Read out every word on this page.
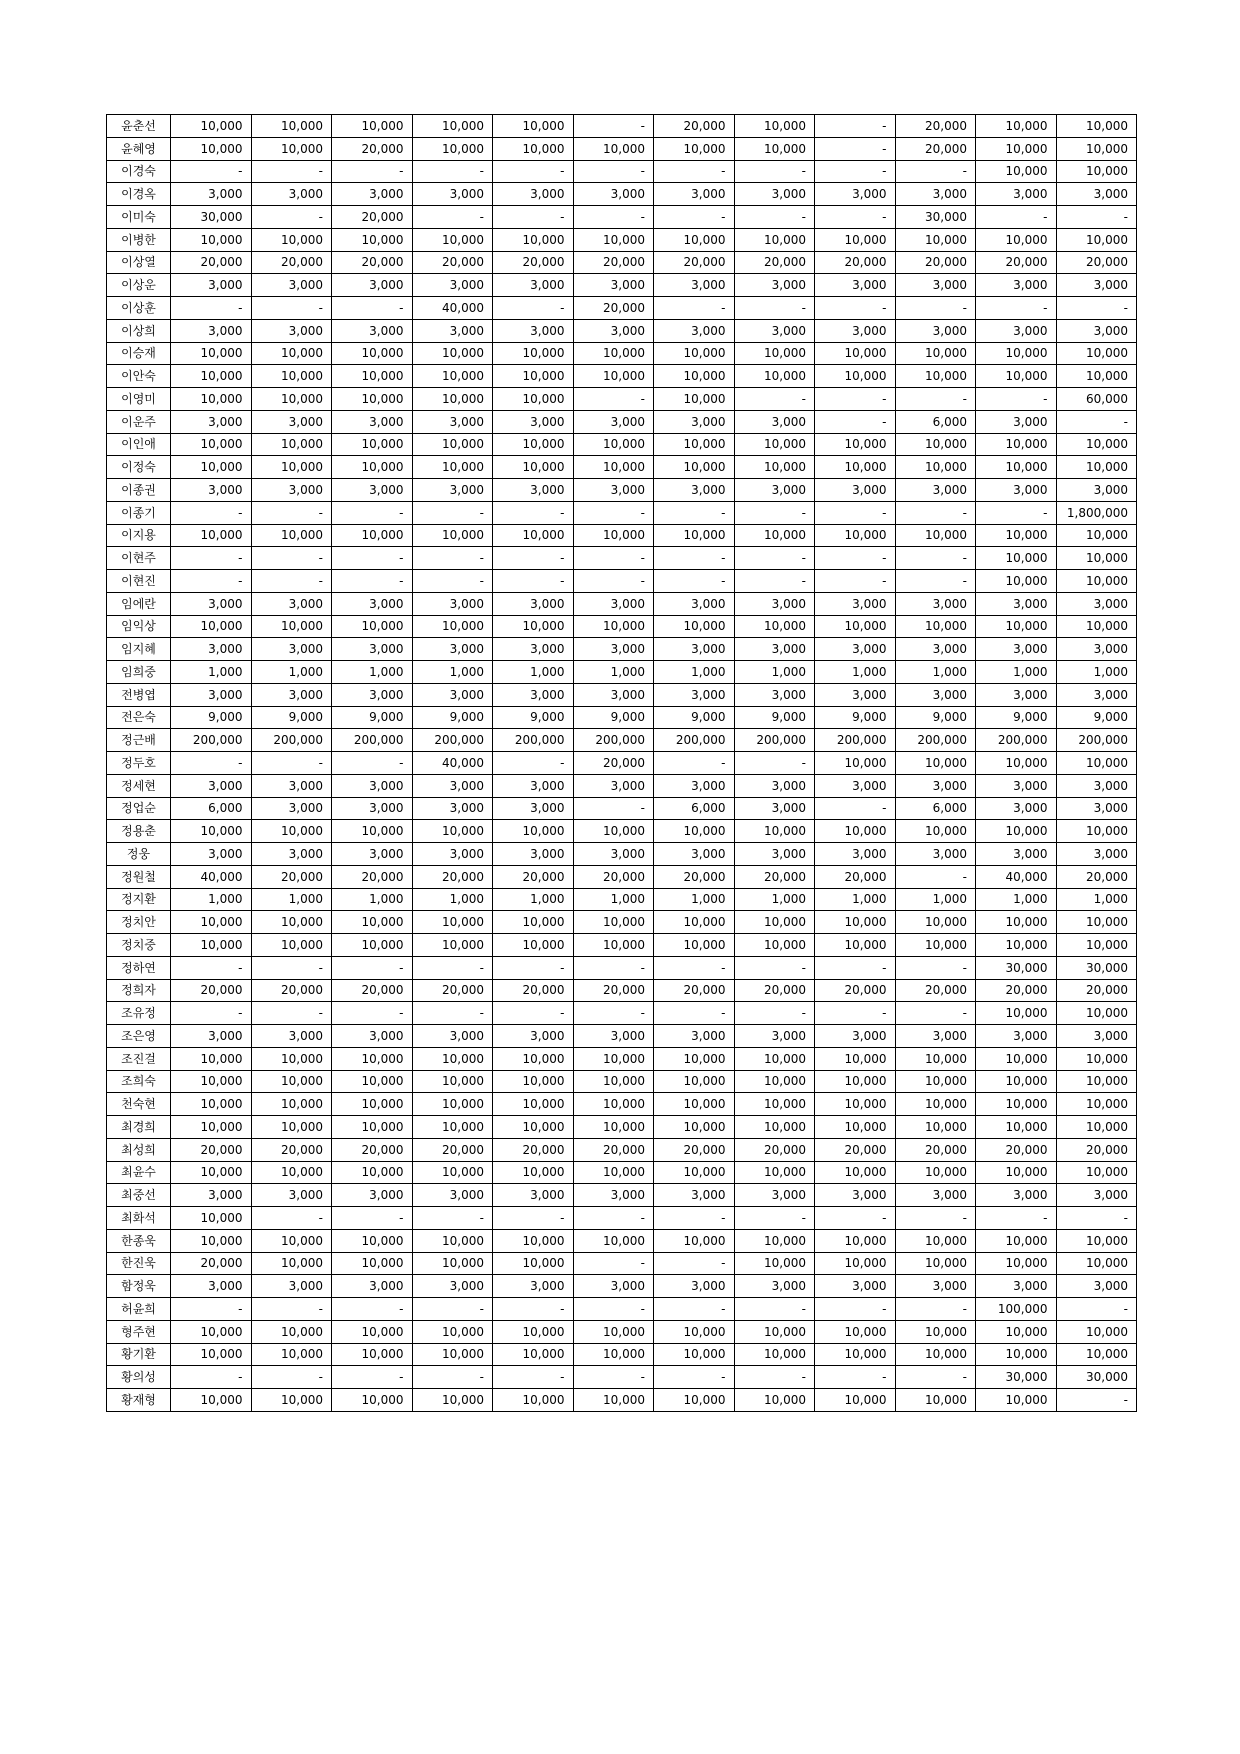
윤춘선	10,000	10,000	10,000	10,000	10,000	-	20,000	10,000	-	20,000	10,000	10,000
윤혜영	10,000	10,000	20,000	10,000	10,000	10,000	10,000	10,000	-	20,000	10,000	10,000
이경숙	-	-	-	-	-	-	-	-	-	-	10,000	10,000
이경옥	3,000	3,000	3,000	3,000	3,000	3,000	3,000	3,000	3,000	3,000	3,000	3,000
이미숙	30,000	-	20,000	-	-	-	-	-	-	30,000	-	-
이병한	10,000	10,000	10,000	10,000	10,000	10,000	10,000	10,000	10,000	10,000	10,000	10,000
이상열	20,000	20,000	20,000	20,000	20,000	20,000	20,000	20,000	20,000	20,000	20,000	20,000
이상운	3,000	3,000	3,000	3,000	3,000	3,000	3,000	3,000	3,000	3,000	3,000	3,000
이상훈	-	-	-	40,000	-	20,000	-	-	-	-	-	-
이상희	3,000	3,000	3,000	3,000	3,000	3,000	3,000	3,000	3,000	3,000	3,000	3,000
이승재	10,000	10,000	10,000	10,000	10,000	10,000	10,000	10,000	10,000	10,000	10,000	10,000
이안숙	10,000	10,000	10,000	10,000	10,000	10,000	10,000	10,000	10,000	10,000	10,000	10,000
이영미	10,000	10,000	10,000	10,000	10,000	-	10,000	-	-	-	-	60,000
이운주	3,000	3,000	3,000	3,000	3,000	3,000	3,000	3,000	-	6,000	3,000	-
이인애	10,000	10,000	10,000	10,000	10,000	10,000	10,000	10,000	10,000	10,000	10,000	10,000
이정숙	10,000	10,000	10,000	10,000	10,000	10,000	10,000	10,000	10,000	10,000	10,000	10,000
이종권	3,000	3,000	3,000	3,000	3,000	3,000	3,000	3,000	3,000	3,000	3,000	3,000
이종기	-	-	-	-	-	-	-	-	-	-	-	1,800,000
이지용	10,000	10,000	10,000	10,000	10,000	10,000	10,000	10,000	10,000	10,000	10,000	10,000
이현주	-	-	-	-	-	-	-	-	-	-	10,000	10,000
이현진	-	-	-	-	-	-	-	-	-	-	10,000	10,000
임에란	3,000	3,000	3,000	3,000	3,000	3,000	3,000	3,000	3,000	3,000	3,000	3,000
임익상	10,000	10,000	10,000	10,000	10,000	10,000	10,000	10,000	10,000	10,000	10,000	10,000
임지혜	3,000	3,000	3,000	3,000	3,000	3,000	3,000	3,000	3,000	3,000	3,000	3,000
임희중	1,000	1,000	1,000	1,000	1,000	1,000	1,000	1,000	1,000	1,000	1,000	1,000
전병엽	3,000	3,000	3,000	3,000	3,000	3,000	3,000	3,000	3,000	3,000	3,000	3,000
전은숙	9,000	9,000	9,000	9,000	9,000	9,000	9,000	9,000	9,000	9,000	9,000	9,000
정근배	200,000	200,000	200,000	200,000	200,000	200,000	200,000	200,000	200,000	200,000	200,000	200,000
정두호	-	-	-	40,000	-	20,000	-	-	10,000	10,000	10,000	10,000
정세현	3,000	3,000	3,000	3,000	3,000	3,000	3,000	3,000	3,000	3,000	3,000	3,000
정업순	6,000	3,000	3,000	3,000	3,000	-	6,000	3,000	-	6,000	3,000	3,000
정용춘	10,000	10,000	10,000	10,000	10,000	10,000	10,000	10,000	10,000	10,000	10,000	10,000
정웅	3,000	3,000	3,000	3,000	3,000	3,000	3,000	3,000	3,000	3,000	3,000	3,000
정원철	40,000	20,000	20,000	20,000	20,000	20,000	20,000	20,000	20,000	-	40,000	20,000
정지환	1,000	1,000	1,000	1,000	1,000	1,000	1,000	1,000	1,000	1,000	1,000	1,000
정치안	10,000	10,000	10,000	10,000	10,000	10,000	10,000	10,000	10,000	10,000	10,000	10,000
정치중	10,000	10,000	10,000	10,000	10,000	10,000	10,000	10,000	10,000	10,000	10,000	10,000
정하연	-	-	-	-	-	-	-	-	-	-	30,000	30,000
정희자	20,000	20,000	20,000	20,000	20,000	20,000	20,000	20,000	20,000	20,000	20,000	20,000
조유정	-	-	-	-	-	-	-	-	-	-	10,000	10,000
조은영	3,000	3,000	3,000	3,000	3,000	3,000	3,000	3,000	3,000	3,000	3,000	3,000
조진걸	10,000	10,000	10,000	10,000	10,000	10,000	10,000	10,000	10,000	10,000	10,000	10,000
조희숙	10,000	10,000	10,000	10,000	10,000	10,000	10,000	10,000	10,000	10,000	10,000	10,000
천숙현	10,000	10,000	10,000	10,000	10,000	10,000	10,000	10,000	10,000	10,000	10,000	10,000
최경희	10,000	10,000	10,000	10,000	10,000	10,000	10,000	10,000	10,000	10,000	10,000	10,000
최성희	20,000	20,000	20,000	20,000	20,000	20,000	20,000	20,000	20,000	20,000	20,000	20,000
최윤수	10,000	10,000	10,000	10,000	10,000	10,000	10,000	10,000	10,000	10,000	10,000	10,000
최중선	3,000	3,000	3,000	3,000	3,000	3,000	3,000	3,000	3,000	3,000	3,000	3,000
최화석	10,000	-	-	-	-	-	-	-	-	-	-	-
한종욱	10,000	10,000	10,000	10,000	10,000	10,000	10,000	10,000	10,000	10,000	10,000	10,000
한진욱	20,000	10,000	10,000	10,000	10,000	-	-	10,000	10,000	10,000	10,000	10,000
함정욱	3,000	3,000	3,000	3,000	3,000	3,000	3,000	3,000	3,000	3,000	3,000	3,000
허윤희	-	-	-	-	-	-	-	-	-	-	100,000	-
형주현	10,000	10,000	10,000	10,000	10,000	10,000	10,000	10,000	10,000	10,000	10,000	10,000
황기환	10,000	10,000	10,000	10,000	10,000	10,000	10,000	10,000	10,000	10,000	10,000	10,000
황의성	-	-	-	-	-	-	-	-	-	-	30,000	30,000
황재형	10,000	10,000	10,000	10,000	10,000	10,000	10,000	10,000	10,000	10,000	10,000	-
